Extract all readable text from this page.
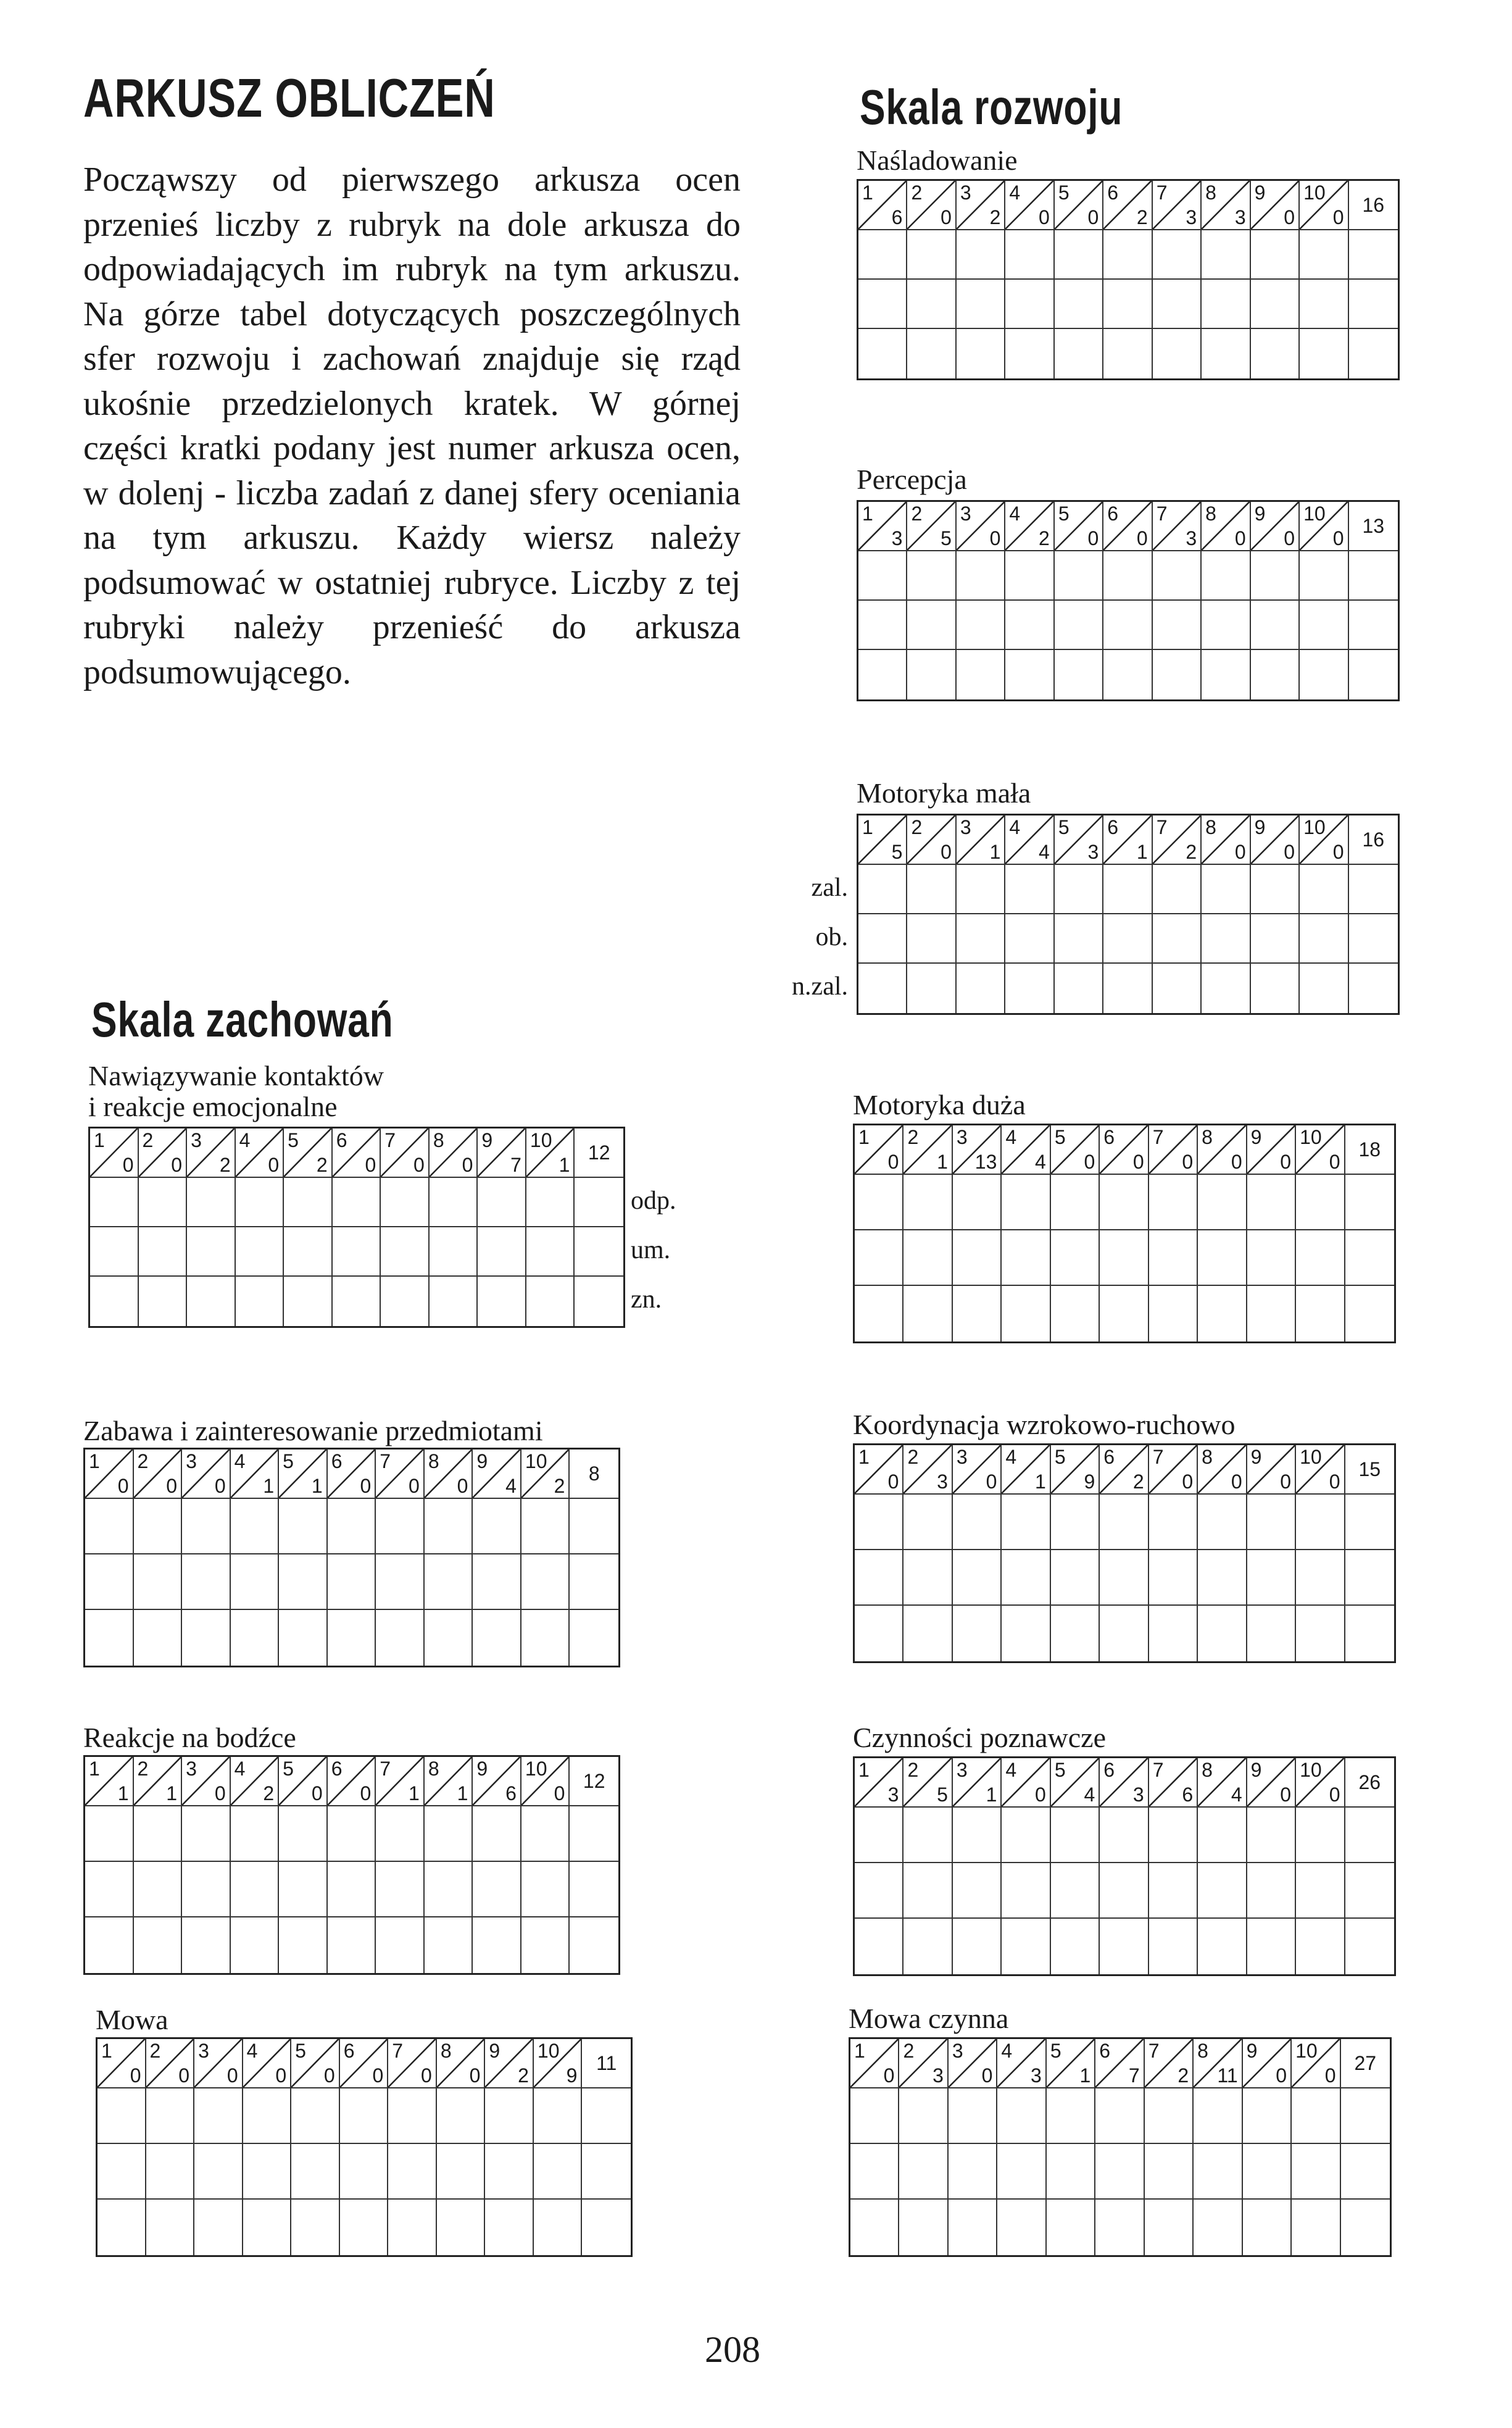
ARKUSZ OBLICZEŃ
Począwszy od pierwszego arkusza ocen przenieś liczby z rubryk na dole arkusza do odpowiadających im rubryk na tym arkuszu. Na górze tabel dotyczących poszczególnych sfer rozwoju i zachowań znajduje się rząd ukośnie przedzielonych kratek. W górnej części kratki podany jest numer arkusza ocen, w dolenj - liczba zadań z danej sfery oceniania na tym arkuszu. Każdy wiersz należy podsumować w ostatniej rubryce. Liczby z tej rubryki należy przenieść do arkusza podsumowującego.
Skala rozwoju
Skala zachowań
Naśladowanie
1
6
2
0
3
2
4
0
5
0
6
2
7
3
8
3
9
0
10
0
16
Percepcja
1
3
2
5
3
0
4
2
5
0
6
0
7
3
8
0
9
0
10
0
13
Motoryka mała
1
5
2
0
3
1
4
4
5
3
6
1
7
2
8
0
9
0
10
0
16
zal.
ob.
n.zal.
Motoryka duża
1
0
2
1
3
13
4
4
5
0
6
0
7
0
8
0
9
0
10
0
18
Koordynacja wzrokowo-ruchowo
1
0
2
3
3
0
4
1
5
9
6
2
7
0
8
0
9
0
10
0
15
Czynności poznawcze
1
3
2
5
3
1
4
0
5
4
6
3
7
6
8
4
9
0
10
0
26
Mowa czynna
1
0
2
3
3
0
4
3
5
1
6
7
7
2
8
11
9
0
10
0
27
Nawiązywanie kontaktów
i reakcje emocjonalne
1
0
2
0
3
2
4
0
5
2
6
0
7
0
8
0
9
7
10
1
12
odp.
um.
zn.
Zabawa i zainteresowanie przedmiotami
1
0
2
0
3
0
4
1
5
1
6
0
7
0
8
0
9
4
10
2
8
Reakcje na bodźce
1
1
2
1
3
0
4
2
5
0
6
0
7
1
8
1
9
6
10
0
12
Mowa
1
0
2
0
3
0
4
0
5
0
6
0
7
0
8
0
9
2
10
9
11
208
